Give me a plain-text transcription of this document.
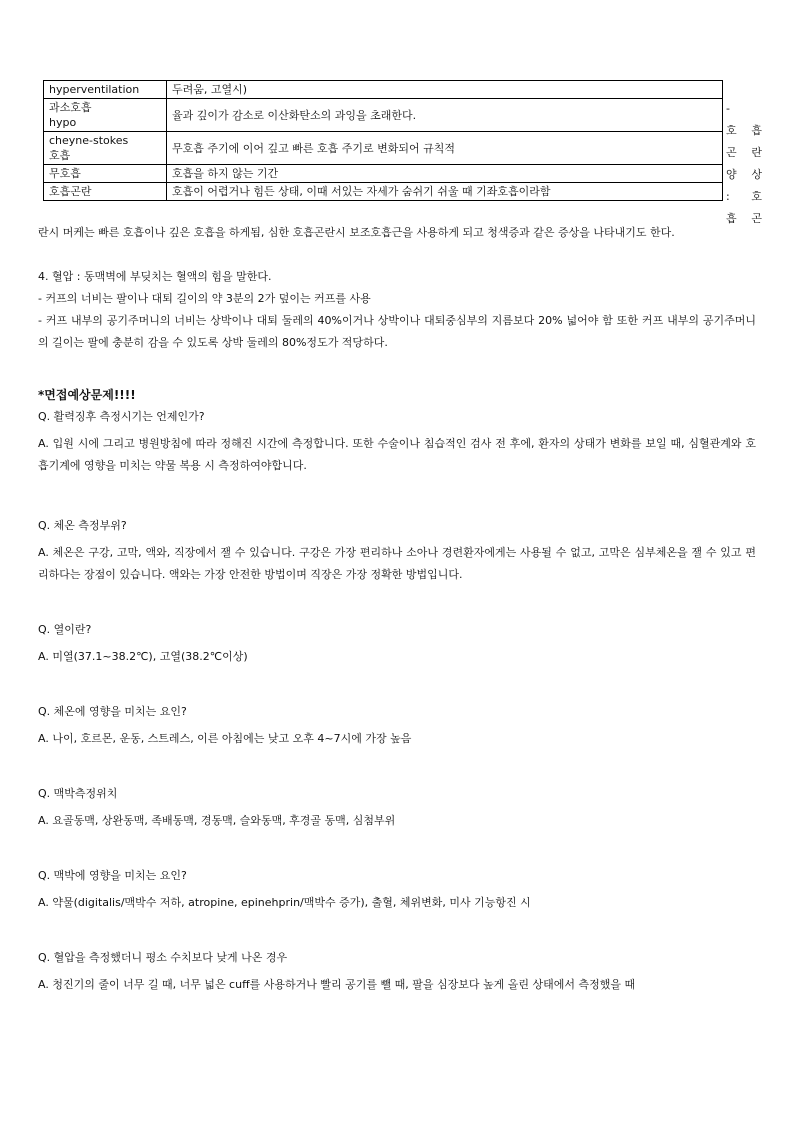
hyperventilation	두려움, 고열시)
과소호흡
hypo	율과 깊이가 감소로 이산화탄소의 과잉을 초래한다.
cheyne-stokes
호흡	무호흡 주기에 이어 깊고 빠른 호흡 주기로 변화되어 규칙적
무호흡	호흡을 하지 않는 기간
호흡곤란	호흡이 어렵거나 힘든 상태, 이때 서있는 자세가 숨쉬기 쉬울 때 기좌호흡이라함
-
호 흡
곤 란
양 상
: 호
흡 곤

란시 머케는 빠른 호흡이나 깊은 호흡을 하게됨, 심한 호흡곤란시 보조호흡근을 사용하게 되고 청색증과 같은 증상을 나타내기도 한다.

4. 혈압 : 동맥벽에 부딪치는 혈액의 힘을 말한다.

- 커프의 너비는 팔이나 대퇴 길이의 약 3분의 2가 덮이는 커프를 사용

- 커프 내부의 공기주머니의 너비는 상박이나 대퇴 둘레의 40%이거나 상박이나 대퇴중심부의 지름보다 20% 넓어야 함 또한 커프 내부의 공기주머니의 길이는 팔에 충분히 감을 수 있도록 상박 둘레의 80%정도가 적당하다.

*면접예상문제!!!!

Q. 활력징후 측정시기는 언제인가?

A. 입원 시에 그리고 병원방침에 따라 정해진 시간에 측정합니다. 또한 수술이나 침습적인 검사 전 후에, 환자의 상태가 변화를 보일 때, 심혈관계와 호흡기계에 영향을 미치는 약물 복용 시 측정하여야합니다.

Q. 체온 측정부위?

A. 체온은 구강, 고막, 액와, 직장에서 잴 수 있습니다. 구강은 가장 편리하나 소아나 경련환자에게는 사용될 수 없고, 고막은 심부체온을 잴 수 있고 편리하다는 장점이 있습니다. 액와는 가장 안전한 방법이며 직장은 가장 정확한 방법입니다.

Q. 열이란?

A. 미열(37.1~38.2℃), 고열(38.2℃이상)

Q. 체온에 영향을 미치는 요인?

A. 나이, 호르몬, 운동, 스트레스, 이른 아침에는 낮고 오후 4~7시에 가장 높음

Q. 맥박측정위치

A. 요골동맥, 상완동맥, 족배동맥, 경동맥, 슬와동맥, 후경골 동맥, 심첨부위

Q. 맥박에 영향을 미치는 요인?

A. 약물(digitalis/맥박수 저하, atropine, epinehprin/맥박수 증가), 출혈, 체위변화, 미사 기능항진 시

Q. 혈압을 측정했더니 평소 수치보다 낮게 나온 경우

A. 청진기의 줄이 너무 길 때, 너무 넓은 cuff를 사용하거나 빨리 공기를 뺄 때, 팔을 심장보다 높게 올린 상태에서 측정했을 때
